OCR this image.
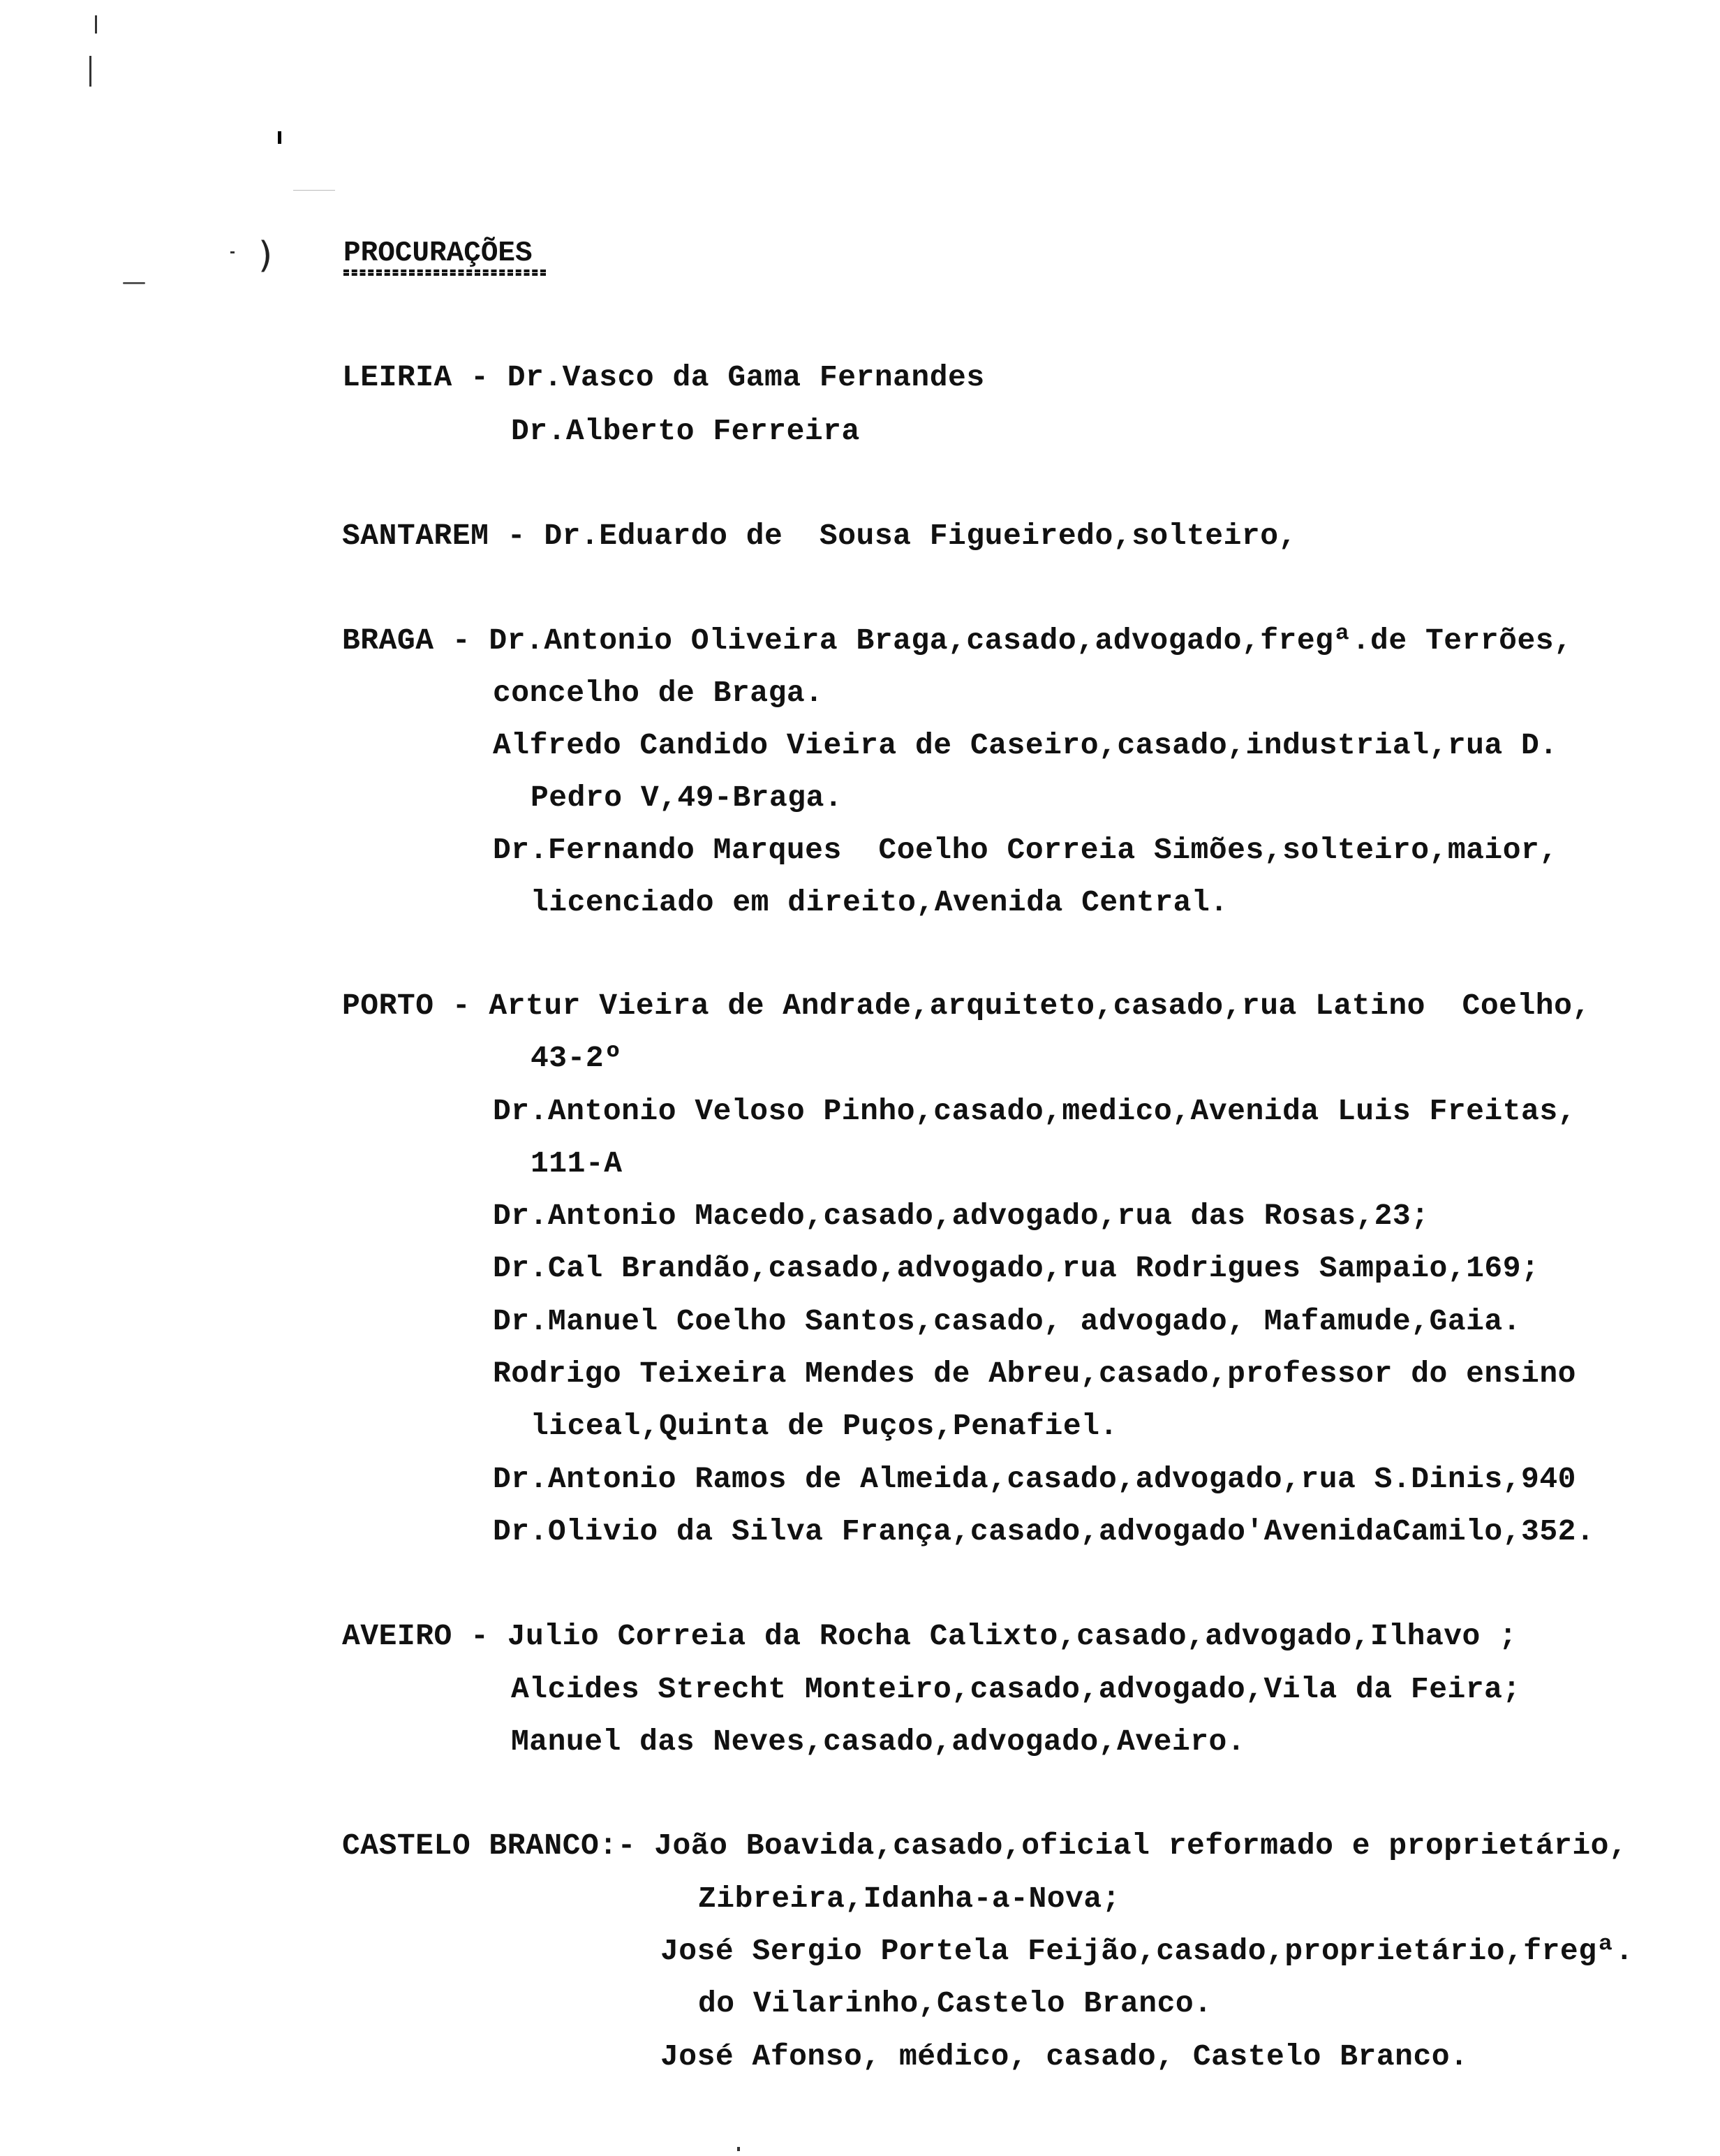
) PROCURAÇÕES
LEIRIA - Dr.Vasco da Gama Fernandes
Dr.Alberto Ferreira
SANTAREM - Dr.Eduardo de  Sousa Figueiredo,solteiro,
BRAGA - Dr.Antonio Oliveira Braga,casado,advogado,fregª.de Terrões,
concelho de Braga.
Alfredo Candido Vieira de Caseiro,casado,industrial,rua D.
Pedro V,49-Braga.
Dr.Fernando Marques  Coelho Correia Simões,solteiro,maior,
licenciado em direito,Avenida Central.
PORTO - Artur Vieira de Andrade,arquiteto,casado,rua Latino  Coelho,
43-2º
Dr.Antonio Veloso Pinho,casado,medico,Avenida Luis Freitas,
111-A
Dr.Antonio Macedo,casado,advogado,rua das Rosas,23;
Dr.Cal Brandão,casado,advogado,rua Rodrigues Sampaio,169;
Dr.Manuel Coelho Santos,casado, advogado, Mafamude,Gaia.
Rodrigo Teixeira Mendes de Abreu,casado,professor do ensino
liceal,Quinta de Puços,Penafiel.
Dr.Antonio Ramos de Almeida,casado,advogado,rua S.Dinis,940
Dr.Olivio da Silva França,casado,advogado'AvenidaCamilo,352.
AVEIRO - Julio Correia da Rocha Calixto,casado,advogado,Ilhavo ;
Alcides Strecht Monteiro,casado,advogado,Vila da Feira;
Manuel das Neves,casado,advogado,Aveiro.
CASTELO BRANCO:- João Boavida,casado,oficial reformado e proprietário,
Zibreira,Idanha-a-Nova;
José Sergio Portela Feijão,casado,proprietário,fregª.
do Vilarinho,Castelo Branco.
José Afonso, médico, casado, Castelo Branco.
